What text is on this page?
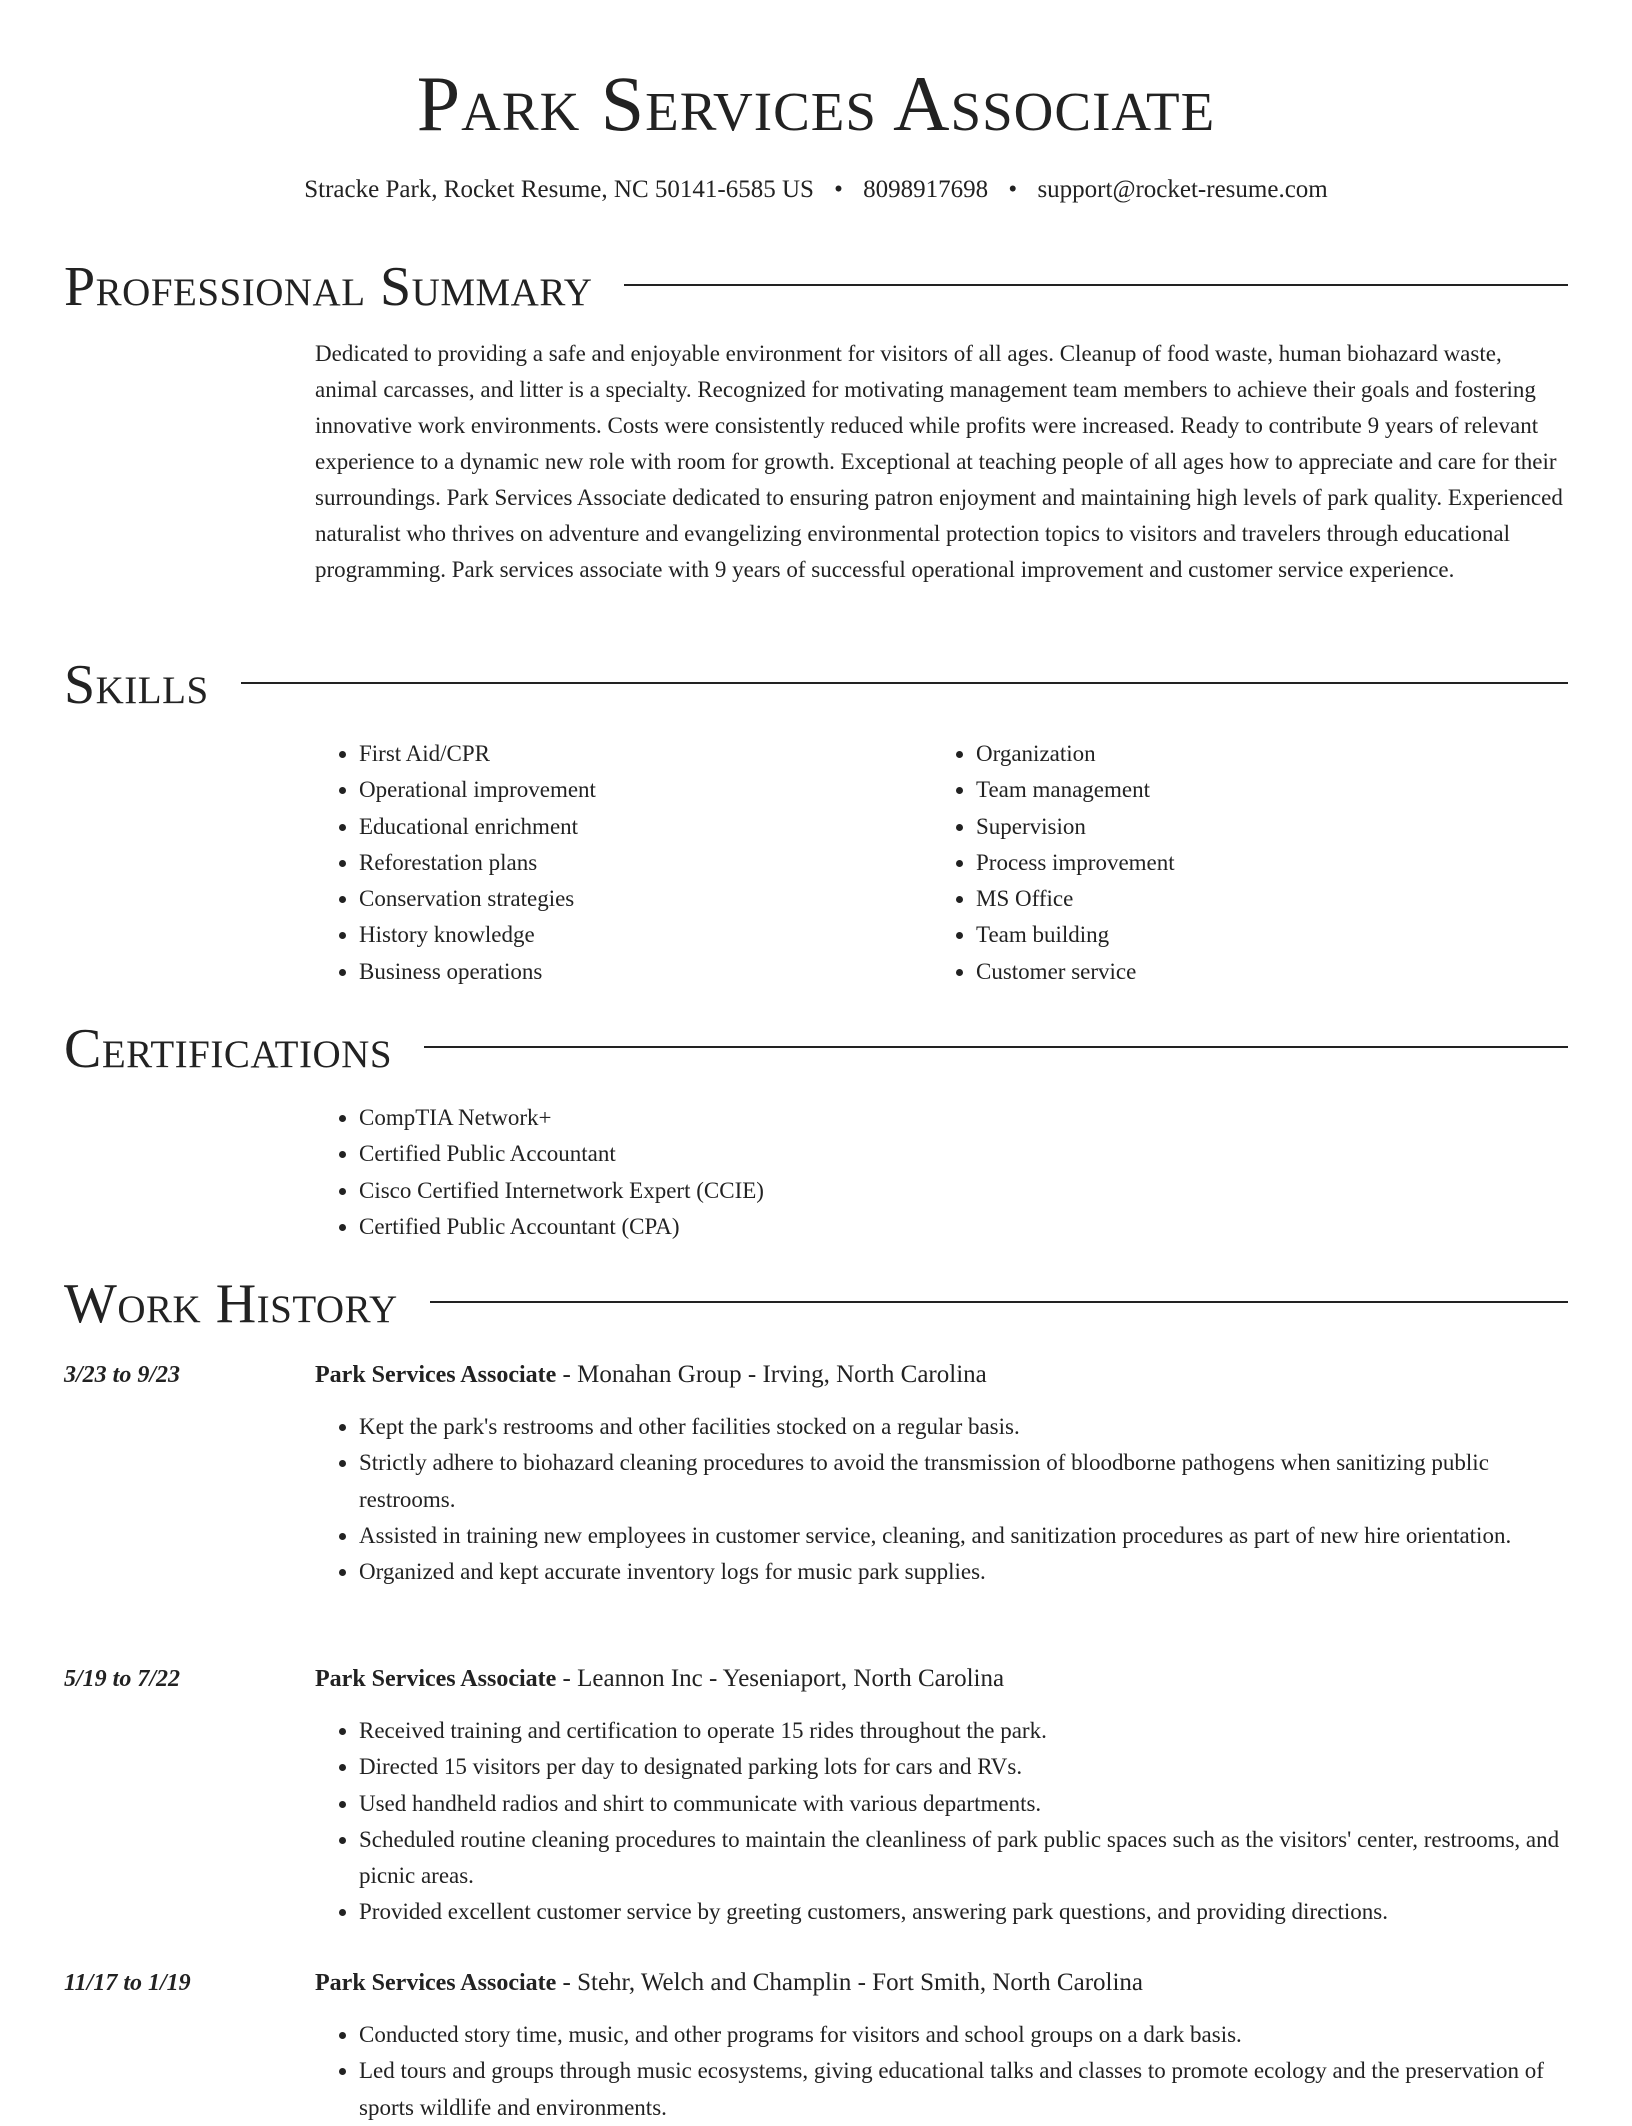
Park Services Associate
Stracke Park, Rocket Resume, NC 50141-6585 US • 8098917698 • support@rocket-resume.com
Professional Summary

Dedicated to providing a safe and enjoyable environment for visitors of all ages. Cleanup of food waste, human biohazard waste, animal carcasses, and litter is a specialty. Recognized for motivating management team members to achieve their goals and fostering innovative work environments. Costs were consistently reduced while profits were increased. Ready to contribute 9 years of relevant experience to a dynamic new role with room for growth. Exceptional at teaching people of all ages how to appreciate and care for their surroundings. Park Services Associate dedicated to ensuring patron enjoyment and maintaining high levels of park quality. Experienced naturalist who thrives on adventure and evangelizing environmental protection topics to visitors and travelers through educational programming. Park services associate with 9 years of successful operational improvement and customer service experience.

Skills
• First Aid/CPR
• Operational improvement
• Educational enrichment
• Reforestation plans
• Conservation strategies
• History knowledge
• Business operations
• Organization
• Team management
• Supervision
• Process improvement
• MS Office
• Team building
• Customer service
Certifications
• CompTIA Network+
• Certified Public Accountant
• Cisco Certified Internetwork Expert (CCIE)
• Certified Public Accountant (CPA)
Work History
3/23 to 9/23	Park Services Associate - Monahan Group - Irving, North Carolina
• Kept the park's restrooms and other facilities stocked on a regular basis.
• Strictly adhere to biohazard cleaning procedures to avoid the transmission of bloodborne pathogens when sanitizing public restrooms.
• Assisted in training new employees in customer service, cleaning, and sanitization procedures as part of new hire orientation.
• Organized and kept accurate inventory logs for music park supplies.
5/19 to 7/22	Park Services Associate - Leannon Inc - Yeseniaport, North Carolina
• Received training and certification to operate 15 rides throughout the park.
• Directed 15 visitors per day to designated parking lots for cars and RVs.
• Used handheld radios and shirt to communicate with various departments.
• Scheduled routine cleaning procedures to maintain the cleanliness of park public spaces such as the visitors' center, restrooms, and picnic areas.
• Provided excellent customer service by greeting customers, answering park questions, and providing directions.
11/17 to 1/19	Park Services Associate - Stehr, Welch and Champlin - Fort Smith, North Carolina
• Conducted story time, music, and other programs for visitors and school groups on a dark basis.
• Led tours and groups through music ecosystems, giving educational talks and classes to promote ecology and the preservation of sports wildlife and environments.
